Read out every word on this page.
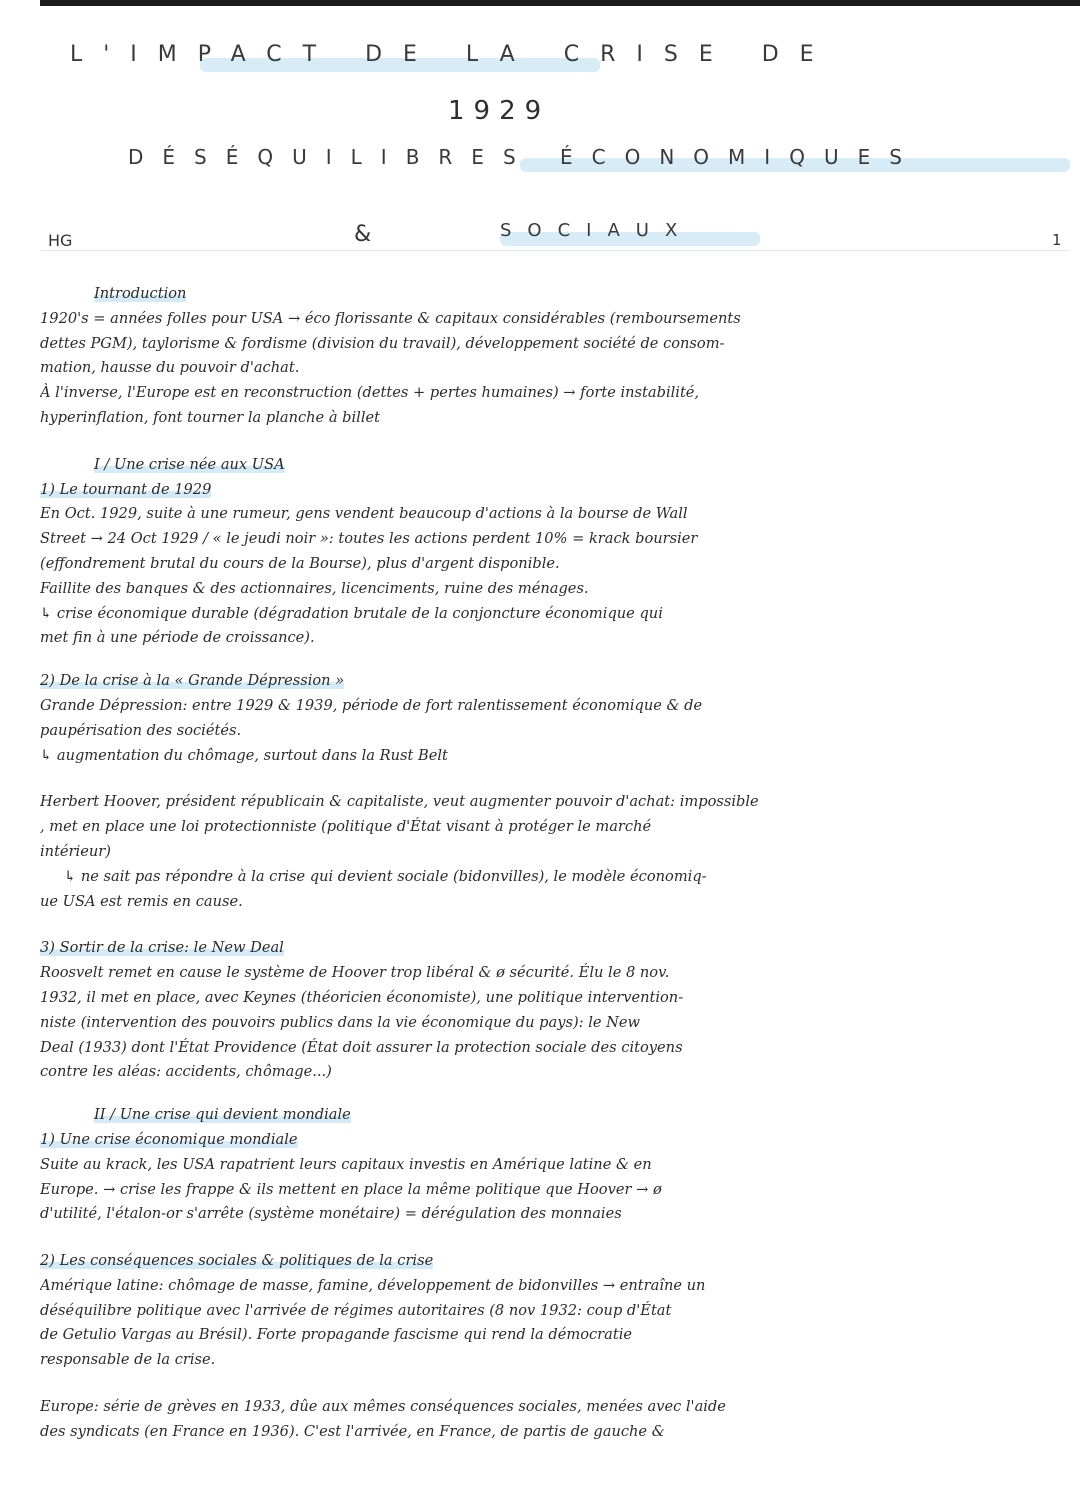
L'IMPACT DE LA CRISE DE
1929
DÉSÉQUILIBRES ÉCONOMIQUES
&	SOCIAUX
HG	1
Introduction
1920's = années folles pour USA → éco florissante & capitaux considérables (remboursements
dettes PGM), taylorisme & fordisme (division du travail), développement société de consom-
mation, hausse du pouvoir d'achat.
À l'inverse, l'Europe est en reconstruction (dettes + pertes humaines) → forte instabilité,
hyperinflation, font tourner la planche à billet
I / Une crise née aux USA
1) Le tournant de 1929
En Oct. 1929, suite à une rumeur, gens vendent beaucoup d'actions à la bourse de Wall
Street → 24 Oct 1929 / « le jeudi noir »: toutes les actions perdent 10% = krack boursier
(effondrement brutal du cours de la Bourse), plus d'argent disponible.
Faillite des banques & des actionnaires, licenciments, ruine des ménages.
↳ crise économique durable (dégradation brutale de la conjoncture économique qui
met fin à une période de croissance).
2) De la crise à la « Grande Dépression »
Grande Dépression: entre 1929 & 1939, période de fort ralentissement économique & de
paupérisation des sociétés.
↳ augmentation du chômage, surtout dans la Rust Belt
Herbert Hoover, président républicain & capitaliste, veut augmenter pouvoir d'achat: impossible
, met en place une loi protectionniste (politique d'État visant à protéger le marché
intérieur)
↳ ne sait pas répondre à la crise qui devient sociale (bidonvilles), le modèle économiq-
ue USA est remis en cause.
3) Sortir de la crise: le New Deal
Roosvelt remet en cause le système de Hoover trop libéral & ø sécurité. Élu le 8 nov.
1932, il met en place, avec Keynes (théoricien économiste), une politique intervention-
niste (intervention des pouvoirs publics dans la vie économique du pays): le New
Deal (1933) dont l'État Providence (État doit assurer la protection sociale des citoyens
contre les aléas: accidents, chômage...)
II / Une crise qui devient mondiale
1) Une crise économique mondiale
Suite au krack, les USA rapatrient leurs capitaux investis en Amérique latine & en
Europe. → crise les frappe & ils mettent en place la même politique que Hoover → ø
d'utilité, l'étalon-or s'arrête (système monétaire) = dérégulation des monnaies
2) Les conséquences sociales & politiques de la crise
Amérique latine: chômage de masse, famine, développement de bidonvilles → entraîne un
déséquilibre politique avec l'arrivée de régimes autoritaires (8 nov 1932: coup d'État
de Getulio Vargas au Brésil). Forte propagande fascisme qui rend la démocratie
responsable de la crise.
Europe: série de grèves en 1933, dûe aux mêmes conséquences sociales, menées avec l'aide
des syndicats (en France en 1936). C'est l'arrivée, en France, de partis de gauche &
